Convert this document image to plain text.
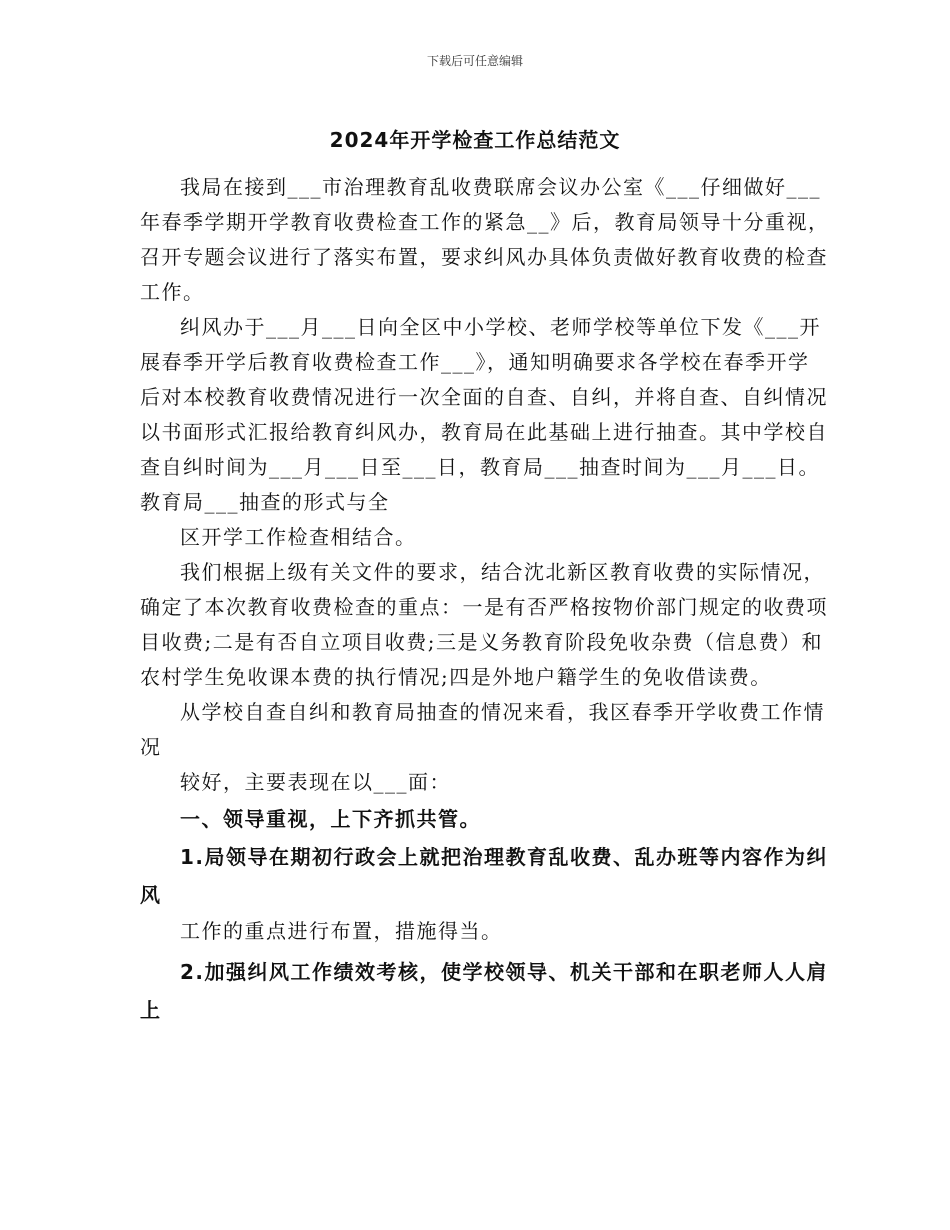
下载后可任意编辑
2024年开学检查工作总结范文

我局在接到___市治理教育乱收费联席会议办公室《___仔细做好___年春季学期开学教育收费检查工作的紧急__》后，教育局领导十分重视，召开专题会议进行了落实布置，要求纠风办具体负责做好教育收费的检查工作。

纠风办于___月___日向全区中小学校、老师学校等单位下发《___开展春季开学后教育收费检查工作___》，通知明确要求各学校在春季开学后对本校教育收费情况进行一次全面的自查、自纠，并将自查、自纠情况以书面形式汇报给教育纠风办，教育局在此基础上进行抽查。其中学校自查自纠时间为___月___日至___日，教育局___抽查时间为___月___日。教育局___抽查的形式与全

区开学工作检查相结合。

我们根据上级有关文件的要求，结合沈北新区教育收费的实际情况，确定了本次教育收费检查的重点：一是有否严格按物价部门规定的收费项目收费;二是有否自立项目收费;三是义务教育阶段免收杂费（信息费）和农村学生免收课本费的执行情况;四是外地户籍学生的免收借读费。

从学校自查自纠和教育局抽查的情况来看，我区春季开学收费工作情况

较好，主要表现在以___面：

一、领导重视，上下齐抓共管。

1.局领导在期初行政会上就把治理教育乱收费、乱办班等内容作为纠风

工作的重点进行布置，措施得当。

2.加强纠风工作绩效考核，使学校领导、机关干部和在职老师人人肩上
